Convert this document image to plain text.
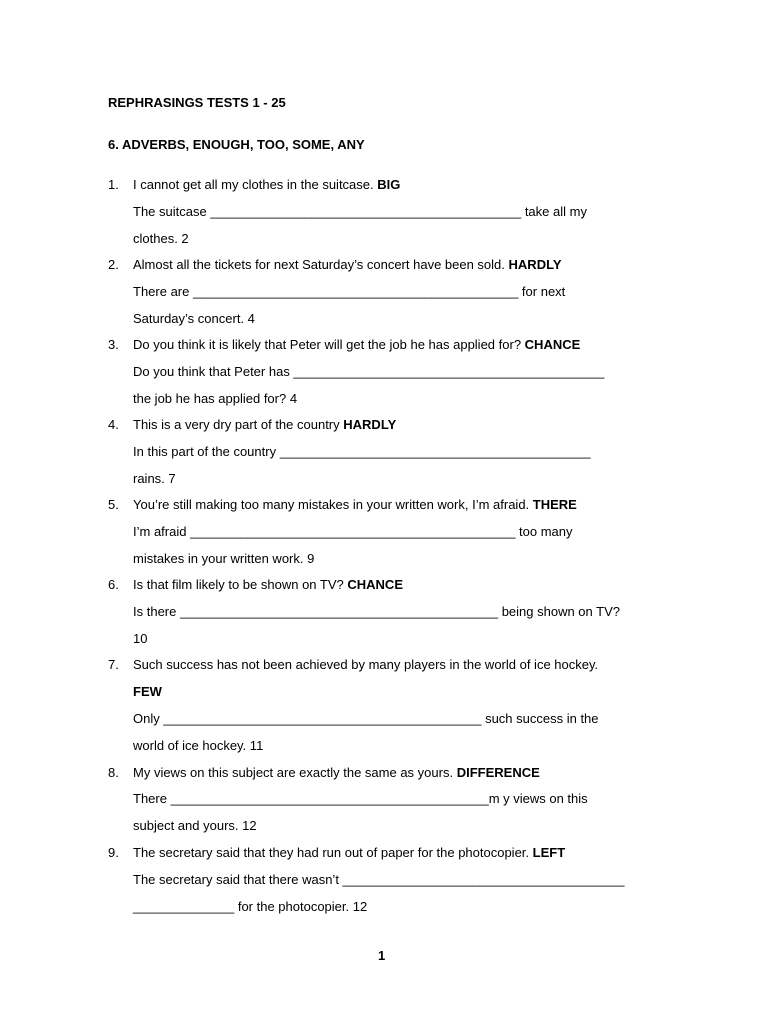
REPHRASINGS TESTS 1 - 25
6. ADVERBS, ENOUGH, TOO, SOME, ANY
1. I cannot get all my clothes in the suitcase. BIG
The suitcase ___________________________________________ take all my
clothes. 2
2. Almost all the tickets for next Saturday’s concert have been sold. HARDLY
There are _____________________________________________ for next
Saturday’s concert. 4
3. Do you think it is likely that Peter will get the job he has applied for? CHANCE
Do you think that Peter has ___________________________________________
the job he has applied for? 4
4. This is a very dry part of the country HARDLY
In this part of the country ___________________________________________
rains. 7
5. You’re still making too many mistakes in your written work, I’m afraid. THERE
I’m afraid _____________________________________________ too many
mistakes in your written work. 9
6. Is that film likely to be shown on TV? CHANCE
Is there ____________________________________________ being shown on TV?
10
7. Such success has not been achieved by many players in the world of ice hockey.
FEW
Only ____________________________________________ such success in the
world of ice hockey. 11
8. My views on this subject are exactly the same as yours. DIFFERENCE
There ____________________________________________m y views on this
subject and yours. 12
9. The secretary said that they had run out of paper for the photocopier. LEFT
The secretary said that there wasn’t _______________________________________
______________ for the photocopier. 12
1
